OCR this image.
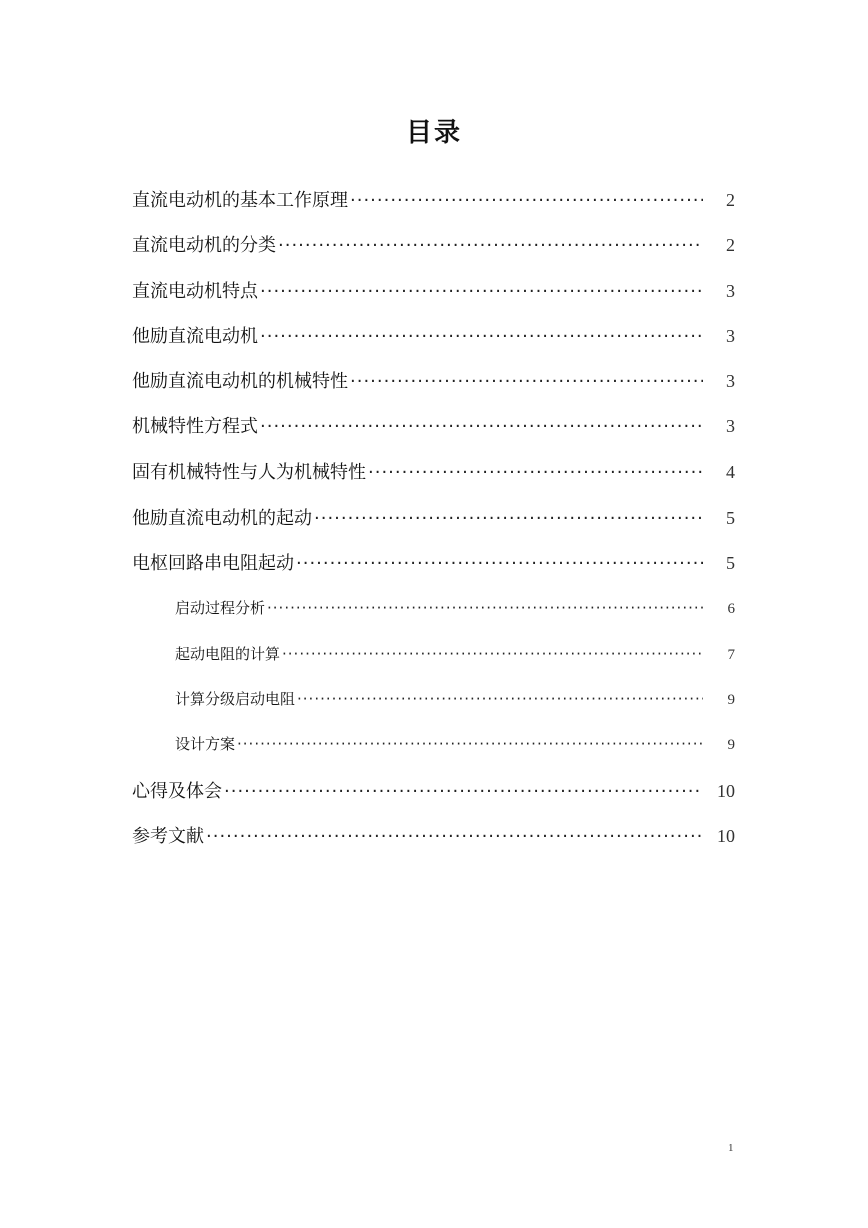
目录
直流电动机的基本工作原理 ·····	2
直流电动机的分类 ·····	2
直流电动机特点 ·····	3
他励直流电动机 ·····	3
他励直流电动机的机械特性 ·····	3
机械特性方程式 ·····	3
固有机械特性与人为机械特性 ·····	4
他励直流电动机的起动 ·····	5
电枢回路串电阻起动 ·····	5
启动过程分析 ·····	6
起动电阻的计算 ·····	7
计算分级启动电阻 ·····	9
设计方案 ·····	9
心得及体会 ·····	10
参考文献 ·····	10
1
